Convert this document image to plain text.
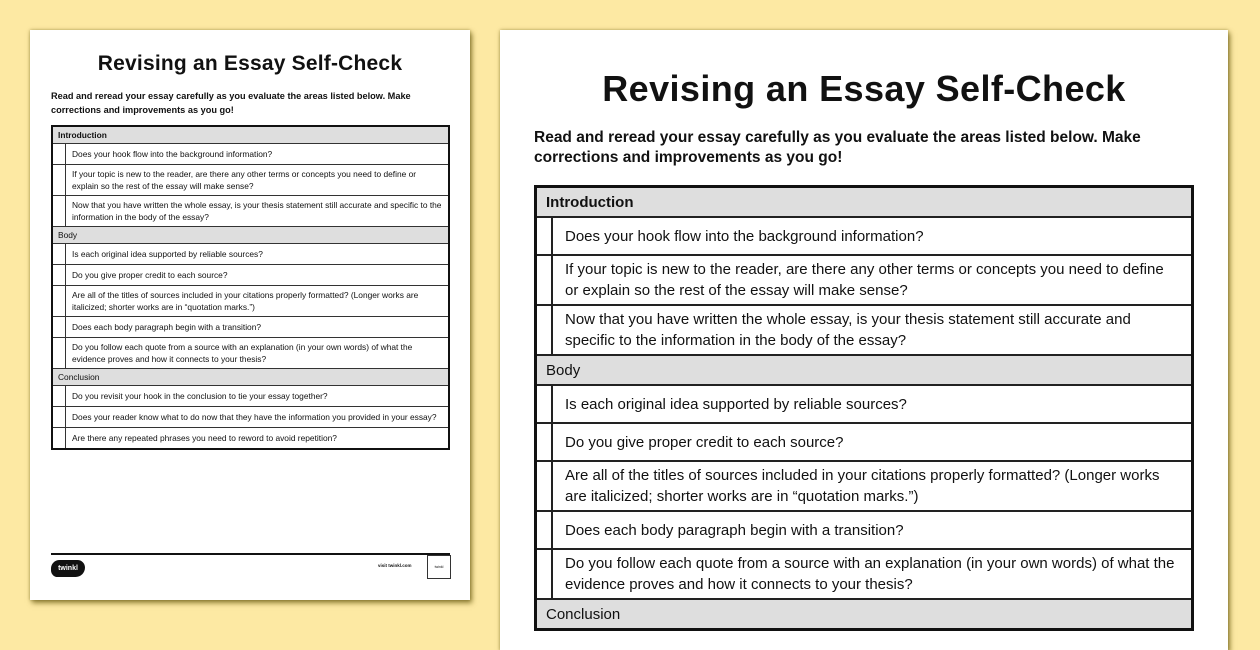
Revising an Essay Self-Check
Read and reread your essay carefully as you evaluate the areas listed below. Make corrections and improvements as you go!
Introduction	
	Does your hook flow into the background information?
	If your topic is new to the reader, are there any other terms or concepts you need to define or explain so the rest of the essay will make sense?
	Now that you have written the whole essay, is your thesis statement still accurate and specific to the information in the body of the essay?
Body	
	Is each original idea supported by reliable sources?
	Do you give proper credit to each source?
	Are all of the titles of sources included in your citations properly formatted? (Longer works are italicized; shorter works are in “quotation marks.”)
	Does each body paragraph begin with a transition?
	Do you follow each quote from a source with an explanation (in your own words) of what the evidence proves and how it connects to your thesis?
Conclusion	
	Do you revisit your hook in the conclusion to tie your essay together?
	Does your reader know what to do now that they have the information you provided in your essay?
	Are there any repeated phrases you need to reword to avoid repetition?
twinkl	visit twinkl.com	twinkl
Revising an Essay Self-Check
Read and reread your essay carefully as you evaluate the areas listed below. Make corrections and improvements as you go!
Introduction	
	Does your hook flow into the background information?
	If your topic is new to the reader, are there any other terms or concepts you need to define or explain so the rest of the essay will make sense?
	Now that you have written the whole essay, is your thesis statement still accurate and specific to the information in the body of the essay?
Body	
	Is each original idea supported by reliable sources?
	Do you give proper credit to each source?
	Are all of the titles of sources included in your citations properly formatted? (Longer works are italicized; shorter works are in “quotation marks.”)
	Does each body paragraph begin with a transition?
	Do you follow each quote from a source with an explanation (in your own words) of what the evidence proves and how it connects to your thesis?
Conclusion	
